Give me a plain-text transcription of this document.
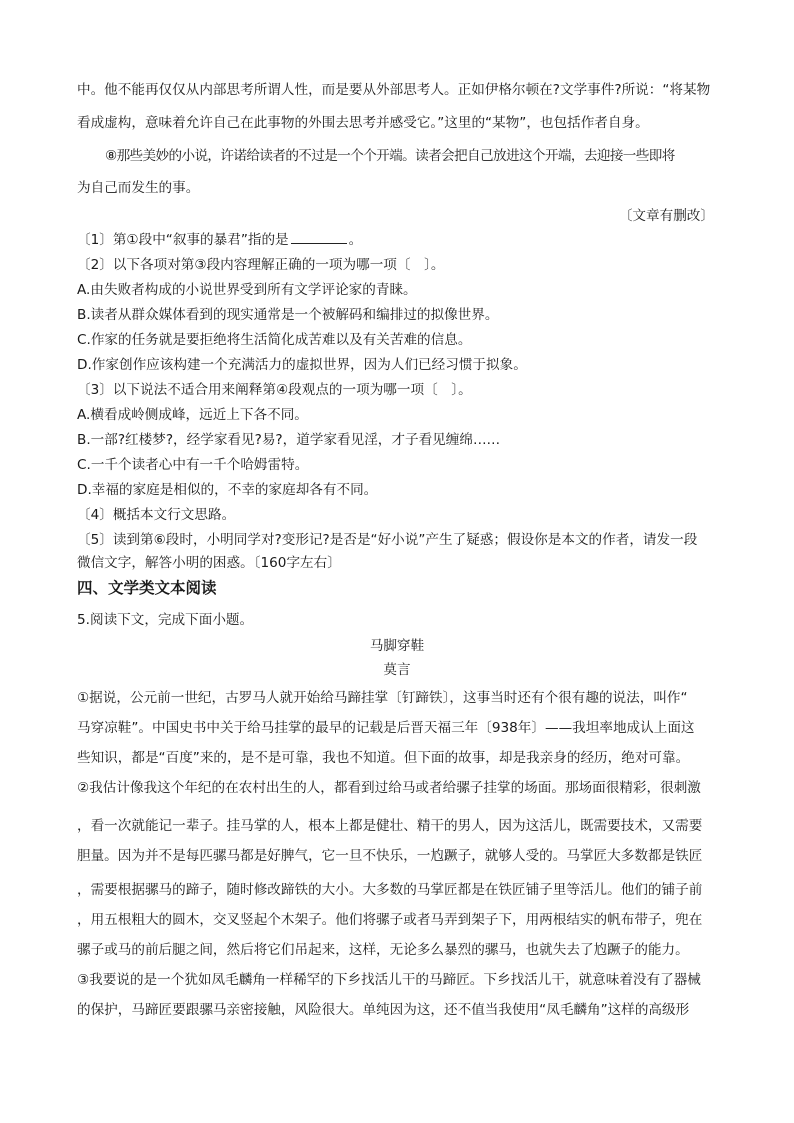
中。他不能再仅仅从内部思考所谓人性，而是要从外部思考人。正如伊格尔顿在?文学事件?所说：“将某物
看成虚构，意味着允许自己在此事物的外围去思考并感受它。”这里的“某物”，也包括作者自身。
⑧那些美妙的小说，许诺给读者的不过是一个个开端。读者会把自己放进这个开端，去迎接一些即将
为自己而发生的事。
〔文章有删改〕
〔1〕第①段中“叙事的暴君”指的是	。
〔2〕以下各项对第③段内容理解正确的一项为哪一项〔　〕。
A.由失败者构成的小说世界受到所有文学评论家的青睐。
B.读者从群众媒体看到的现实通常是一个被解码和编排过的拟像世界。
C.作家的任务就是要拒绝将生活简化成苦难以及有关苦难的信息。
D.作家创作应该构建一个充满活力的虚拟世界，因为人们已经习惯于拟象。
〔3〕以下说法不适合用来阐释第④段观点的一项为哪一项〔　〕。
A.横看成岭侧成峰，远近上下各不同。
B.一部?红楼梦?，经学家看见?易?，道学家看见淫，才子看见缠绵……
C.一千个读者心中有一千个哈姆雷特。
D.幸福的家庭是相似的，不幸的家庭却各有不同。
〔4〕概括本文行文思路。
〔5〕读到第⑥段时，小明同学对?变形记?是否是“好小说”产生了疑惑；假设你是本文的作者，请发一段
微信文字，解答小明的困惑。〔160字左右〕
四、文学类文本阅读
5.阅读下文，完成下面小题。
马脚穿鞋
莫言
①据说，公元前一世纪，古罗马人就开始给马蹄挂掌〔钉蹄铁〕，这事当时还有个很有趣的说法，叫作“
马穿凉鞋”。中国史书中关于给马挂掌的最早的记载是后晋天福三年〔938年〕——我坦率地成认上面这
些知识，都是“百度”来的，是不是可靠，我也不知道。但下面的故事，却是我亲身的经历，绝对可靠。
②我估计像我这个年纪的在农村出生的人，都看到过给马或者给骡子挂掌的场面。那场面很精彩，很刺激
，看一次就能记一辈子。挂马掌的人，根本上都是健壮、精干的男人，因为这活儿，既需要技术，又需要
胆量。因为并不是每匹骡马都是好脾气，它一旦不快乐，一尥蹶子，就够人受的。马掌匠大多数都是铁匠
，需要根据骡马的蹄子，随时修改蹄铁的大小。大多数的马掌匠都是在铁匠铺子里等活儿。他们的铺子前
，用五根粗大的圆木，交叉竖起个木架子。他们将骡子或者马弄到架子下，用两根结实的帆布带子，兜在
骡子或马的前后腿之间，然后将它们吊起来，这样，无论多么暴烈的骡马，也就失去了尥蹶子的能力。
③我要说的是一个犹如凤毛麟角一样稀罕的下乡找活儿干的马蹄匠。下乡找活儿干，就意味着没有了器械
的保护，马蹄匠要跟骡马亲密接触，风险很大。单纯因为这，还不值当我使用“凤毛麟角”这样的高级形
